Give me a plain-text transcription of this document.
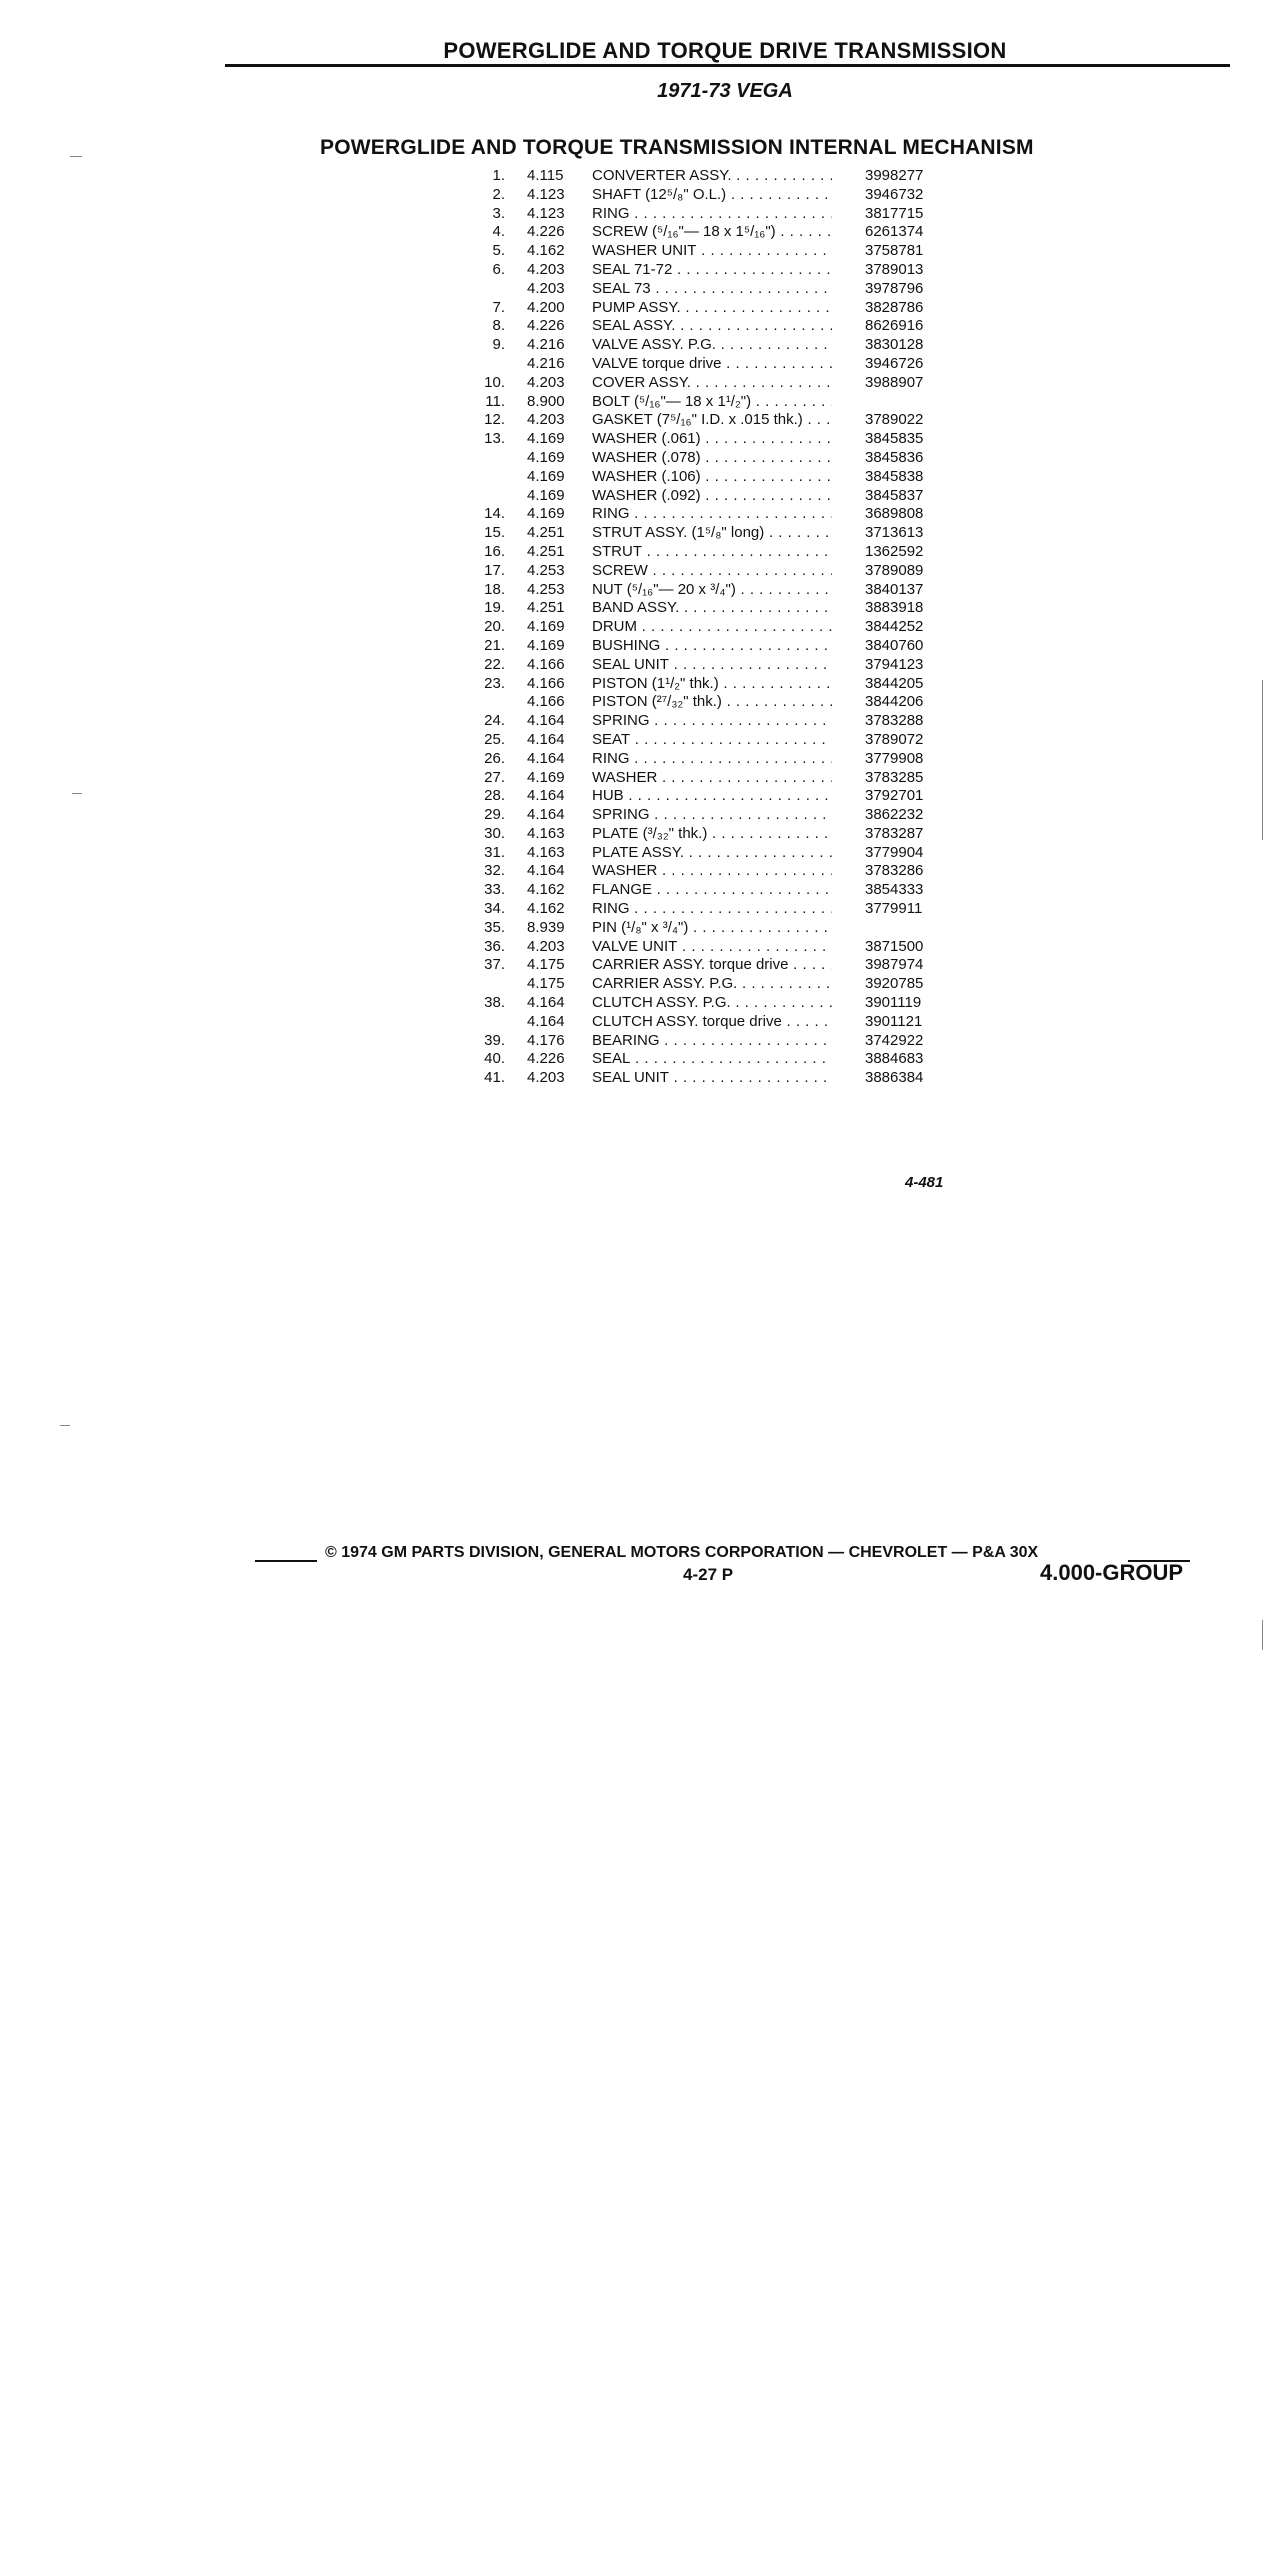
POWERGLIDE AND TORQUE DRIVE TRANSMISSION
1971-73 VEGA
POWERGLIDE AND TORQUE TRANSMISSION INTERNAL MECHANISM
1. 4.115	CONVERTER ASSY. . . .	3998277
2. 4.123	SHAFT (12⁵/₈" O.L.) . . .	3946732
3. 4.123	RING . . .	3817715
4. 4.226	SCREW (⁵/₁₆"— 18 x 1⁵/₁₆") . . .	6261374
5. 4.162	WASHER UNIT . . .	3758781
6. 4.203	SEAL 71-72 . . .	3789013
4.203	SEAL 73 . . .	3978796
7. 4.200	PUMP ASSY. . . .	3828786
8. 4.226	SEAL ASSY. . . .	8626916
9. 4.216	VALVE ASSY. P.G. . . .	3830128
4.216	VALVE torque drive . . .	3946726
10. 4.203	COVER ASSY. . . .	3988907
11. 8.900	BOLT (⁵/₁₆"— 18 x 1¹/₂") . . .
12. 4.203	GASKET (7⁵/₁₆" I.D. x .015 thk.) . . .	3789022
13. 4.169	WASHER (.061) . . .	3845835
4.169	WASHER (.078) . . .	3845836
4.169	WASHER (.106) . . .	3845838
4.169	WASHER (.092) . . .	3845837
14. 4.169	RING . . .	3689808
15. 4.251	STRUT ASSY. (1⁵/₈" long) . . .	3713613
16. 4.251	STRUT . . .	1362592
17. 4.253	SCREW . . .	3789089
18. 4.253	NUT (⁵/₁₆"— 20 x ³/₄") . . .	3840137
19. 4.251	BAND ASSY. . . .	3883918
20. 4.169	DRUM . . .	3844252
21. 4.169	BUSHING . . .	3840760
22. 4.166	SEAL UNIT . . .	3794123
23. 4.166	PISTON (1¹/₂" thk.) . . .	3844205
4.166	PISTON (²⁷/₃₂" thk.) . . .	3844206
24. 4.164	SPRING . . .	3783288
25. 4.164	SEAT . . .	3789072
26. 4.164	RING . . .	3779908
27. 4.169	WASHER . . .	3783285
28. 4.164	HUB . . .	3792701
29. 4.164	SPRING . . .	3862232
30. 4.163	PLATE (³/₃₂" thk.) . . .	3783287
31. 4.163	PLATE ASSY. . . .	3779904
32. 4.164	WASHER . . .	3783286
33. 4.162	FLANGE . . .	3854333
34. 4.162	RING . . .	3779911
35. 8.939	PIN (¹/₈" x ³/₄") . . .
36. 4.203	VALVE UNIT . . .	3871500
37. 4.175	CARRIER ASSY. torque drive . . .	3987974
4.175	CARRIER ASSY. P.G. . . .	3920785
38. 4.164	CLUTCH ASSY. P.G. . . .	3901119
4.164	CLUTCH ASSY. torque drive . . .	3901121
39. 4.176	BEARING . . .	3742922
40. 4.226	SEAL . . .	3884683
41. 4.203	SEAL UNIT . . .	3886384
4-481
© 1974 GM PARTS DIVISION, GENERAL MOTORS CORPORATION — CHEVROLET — P&A 30X
4-27 P	4.000-GROUP
